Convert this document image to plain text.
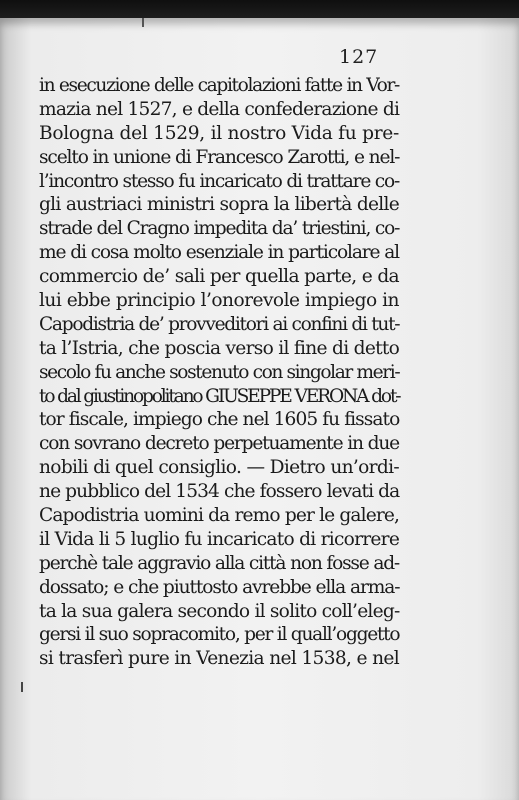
127
in esecuzione delle capitolazioni fatte in Vor-
mazia nel 1527, e della confederazione di
Bologna del 1529, il nostro Vida fu pre-
scelto in unione di Francesco Zarotti, e nel-
l’incontro stesso fu incaricato di trattare co-
gli austriaci ministri sopra la libertà delle
strade del Cragno impedita da’ triestini, co-
me di cosa molto esenziale in particolare al
commercio de’ sali per quella parte, e da
lui ebbe principio l’onorevole impiego in
Capodistria de’ provveditori ai confini di tut-
ta l’Istria, che poscia verso il fine di detto
secolo fu anche sostenuto con singolar meri-
to dal giustinopolitano GIUSEPPE VERONA dot-
tor fiscale, impiego che nel 1605 fu fissato
con sovrano decreto perpetuamente in due
nobili di quel consiglio. — Dietro un’ordi-
ne pubblico del 1534 che fossero levati da
Capodistria uomini da remo per le galere,
il Vida li 5 luglio fu incaricato di ricorrere
perchè tale aggravio alla città non fosse ad-
dossato; e che piuttosto avrebbe ella arma-
ta la sua galera secondo il solito coll’eleg-
gersi il suo sopracomito, per il quall’oggetto
si trasferì pure in Venezia nel 1538, e nel
